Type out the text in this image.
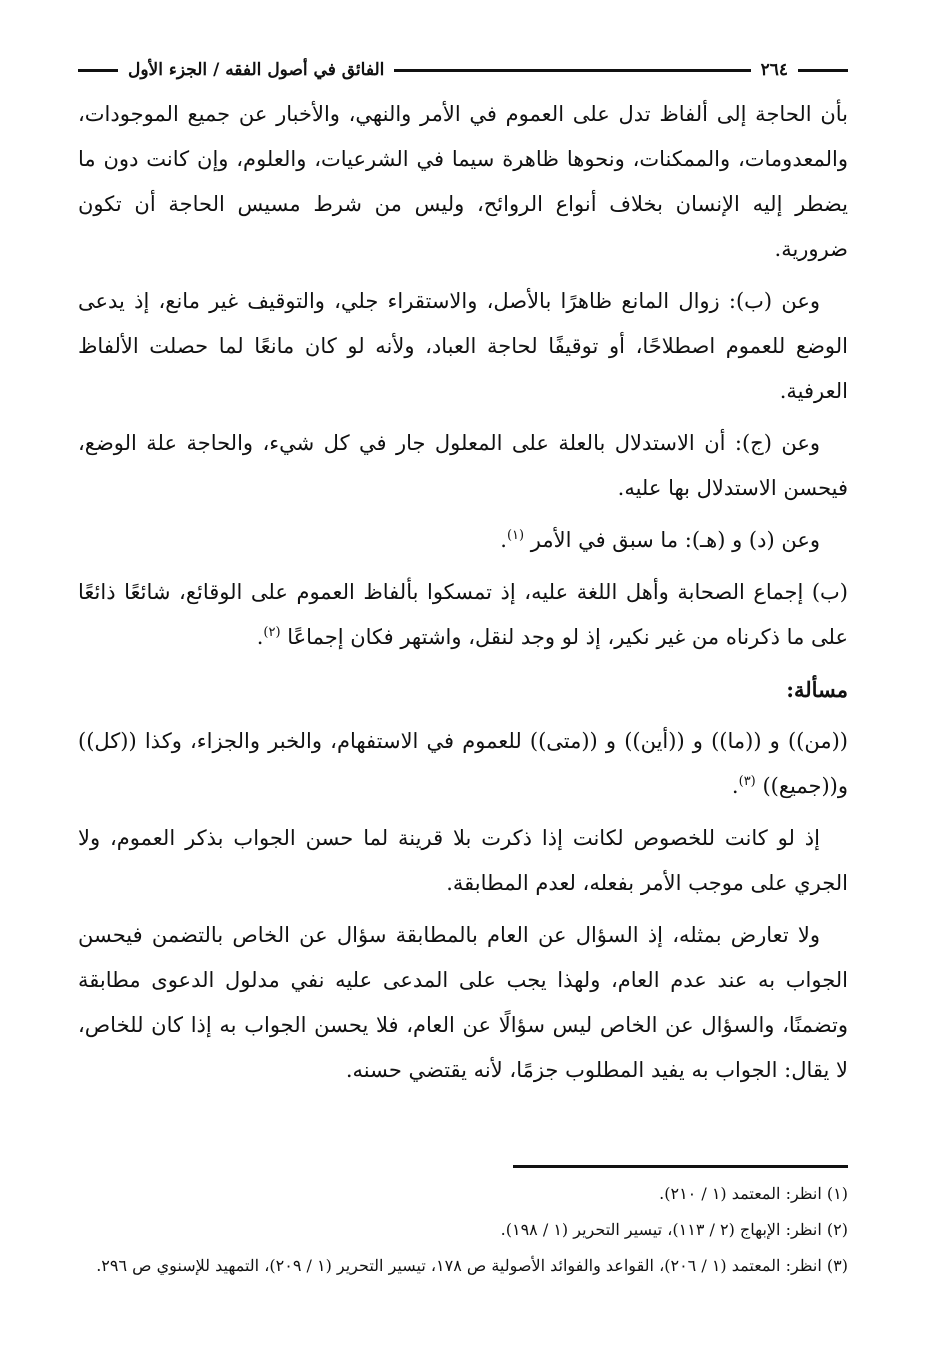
٢٦٤
الفائق في أصول الفقه / الجزء الأول

بأن الحاجة إلى ألفاظ تدل على العموم في الأمر والنهي، والأخبار عن جميع الموجودات، والمعدومات، والممكنات، ونحوها ظاهرة سيما في الشرعيات، والعلوم، وإن كانت دون ما يضطر إليه الإنسان بخلاف أنواع الروائح، وليس من شرط مسيس الحاجة أن تكون ضرورية.

وعن (ب): زوال المانع ظاهرًا بالأصل، والاستقراء جلي، والتوقيف غير مانع، إذ يدعى الوضع للعموم اصطلاحًا، أو توقيفًا لحاجة العباد، ولأنه لو كان مانعًا لما حصلت الألفاظ العرفية.

وعن (ج): أن الاستدلال بالعلة على المعلول جار في كل شيء، والحاجة علة الوضع، فيحسن الاستدلال بها عليه.

وعن (د) و (هـ): ما سبق في الأمر $^{(١)}$.

(ب) إجماع الصحابة وأهل اللغة عليه، إذ تمسكوا بألفاظ العموم على الوقائع، شائعًا ذائعًا على ما ذكرناه من غير نكير، إذ لو وجد لنقل، واشتهر فكان إجماعًا $^{(٢)}$.

مسألة:

((من)) و ((ما)) و ((أين)) و ((متى)) للعموم في الاستفهام، والخبر والجزاء، وكذا ((كل)) و((جميع)) $^{(٣)}$.

إذ لو كانت للخصوص لكانت إذا ذكرت بلا قرينة لما حسن الجواب بذكر العموم، ولا الجري على موجب الأمر بفعله، لعدم المطابقة.

ولا تعارض بمثله، إذ السؤال عن العام بالمطابقة سؤال عن الخاص بالتضمن فيحسن الجواب به عند عدم العام، ولهذا يجب على المدعى عليه نفي مدلول الدعوى مطابقة وتضمنًا، والسؤال عن الخاص ليس سؤالًا عن العام، فلا يحسن الجواب به إذا كان للخاص، لا يقال: الجواب به يفيد المطلوب جزمًا، لأنه يقتضي حسنه.

(١) انظر: المعتمد (١ / ٢١٠).
(٢) انظر: الإبهاج (٢ / ١١٣)، تيسير التحرير (١ / ١٩٨).
(٣) انظر: المعتمد (١ / ٢٠٦)، القواعد والفوائد الأصولية ص ١٧٨، تيسير التحرير (١ / ٢٠٩)، التمهيد للإسنوي ص ٢٩٦.
